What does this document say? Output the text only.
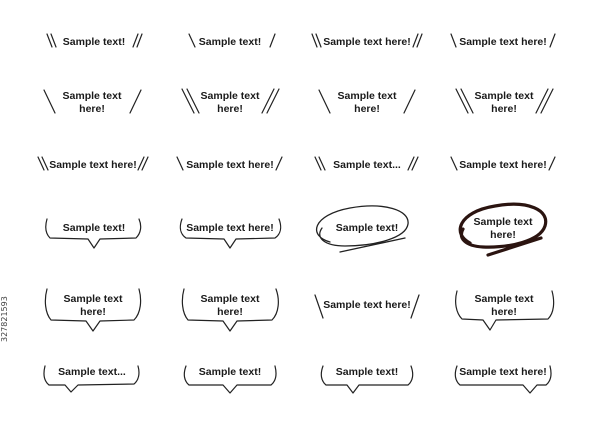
Sample text!	Sample text!	Sample text here!	Sample text here!
Sample text
here!
Sample text
here!
Sample text
here!
Sample text
here!
Sample text here!	Sample text here!	Sample text...	Sample text here!
Sample text!	Sample text here!	Sample text!	Sample text
here!
Sample text
here!
Sample text
here!
Sample text here!	Sample text
here!
Sample text...	Sample text!	Sample text!	Sample text here!
327821593
